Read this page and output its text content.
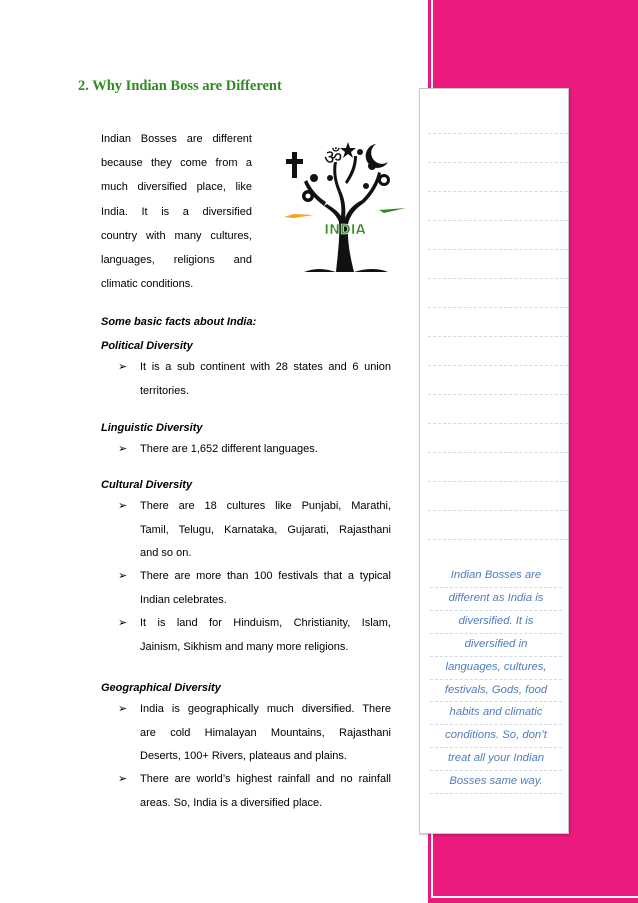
Indian Bosses are
different as India is
diversified. It is
diversified in
languages, cultures,
festivals, Gods, food
habits and climatic
conditions. So, don’t
treat all your Indian
Bosses same way.
2. Why Indian Boss are Different
Indian Bosses are different
because they come from a
much diversified place, like
India. It is a diversified
country with many cultures,
languages, religions and
climatic conditions.
ॐ
INDIA
Some basic facts about India:
Political Diversity
➢ It is a sub continent with 28 states and 6 union
territories.
Linguistic Diversity
➢ There are 1,652 different languages.
Cultural Diversity
➢ There are 18 cultures like Punjabi, Marathi,
Tamil, Telugu, Karnataka, Gujarati, Rajasthani
and so on.
➢ There are more than 100 festivals that a typical
Indian celebrates.
➢ It is land for Hinduism, Christianity, Islam,
Jainism, Sikhism and many more religions.
Geographical Diversity
➢ India is geographically much diversified. There
are cold Himalayan Mountains, Rajasthani
Deserts, 100+ Rivers, plateaus and plains.
➢ There are world’s highest rainfall and no rainfall
areas. So, India is a diversified place.
